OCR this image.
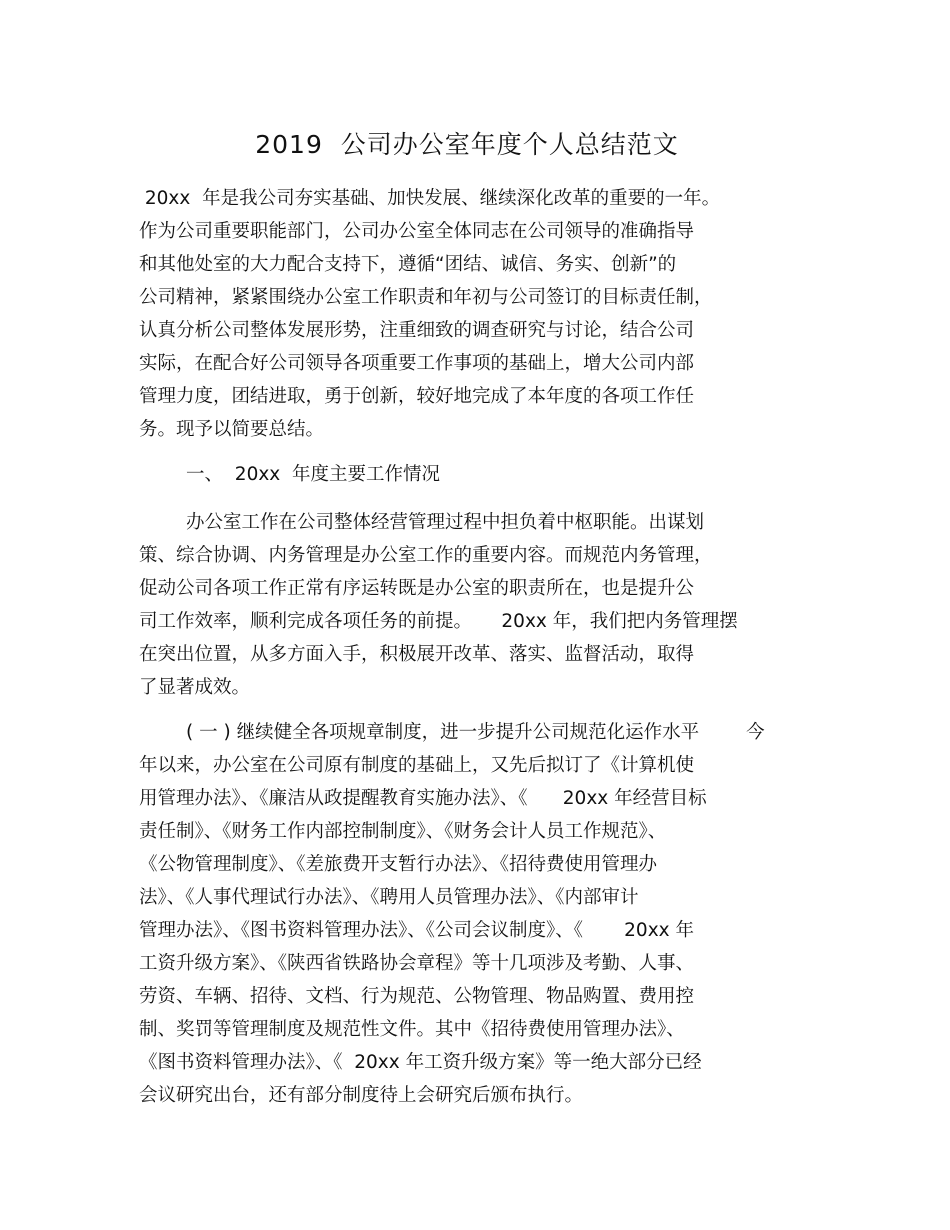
2019  公司办公室年度个人总结范文
20xx  年是我公司夯实基础、加快发展、继续深化改革的重要的一年。
作为公司重要职能部门，公司办公室全体同志在公司领导的准确指导
和其他处室的大力配合支持下，遵循“团结、诚信、务实、创新”的
公司精神，紧紧围绕办公室工作职责和年初与公司签订的目标责任制，
认真分析公司整体发展形势，注重细致的调查研究与讨论，结合公司
实际，在配合好公司领导各项重要工作事项的基础上，增大公司内部
管理力度，团结进取，勇于创新，较好地完成了本年度的各项工作任
务。现予以简要总结。
一、  20xx  年度主要工作情况
办公室工作在公司整体经营管理过程中担负着中枢职能。出谋划
策、综合协调、内务管理是办公室工作的重要内容。而规范内务管理，
促动公司各项工作正常有序运转既是办公室的职责所在，也是提升公
司工作效率，顺利完成各项任务的前提。     20xx 年，我们把内务管理摆
在突出位置，从多方面入手，积极展开改革、落实、监督活动，取得
了显著成效。
( 一 ) 继续健全各项规章制度，进一步提升公司规范化运作水平        今
年以来，办公室在公司原有制度的基础上，又先后拟订了《计算机使
用管理办法》、《廉洁从政提醒教育实施办法》、《      20xx 年经营目标
责任制》、《财务工作内部控制制度》、《财务会计人员工作规范》、
《公物管理制度》、《差旅费开支暂行办法》、《招待费使用管理办
法》、《人事代理试行办法》、《聘用人员管理办法》、《内部审计
管理办法》、《图书资料管理办法》、《公司会议制度》、《       20xx 年
工资升级方案》、《陕西省铁路协会章程》等十几项涉及考勤、人事、
劳资、车辆、招待、文档、行为规范、公物管理、物品购置、费用控
制、奖罚等管理制度及规范性文件。其中《招待费使用管理办法》、
《图书资料管理办法》、《  20xx 年工资升级方案》等一绝大部分已经
会议研究出台，还有部分制度待上会研究后颁布执行。
